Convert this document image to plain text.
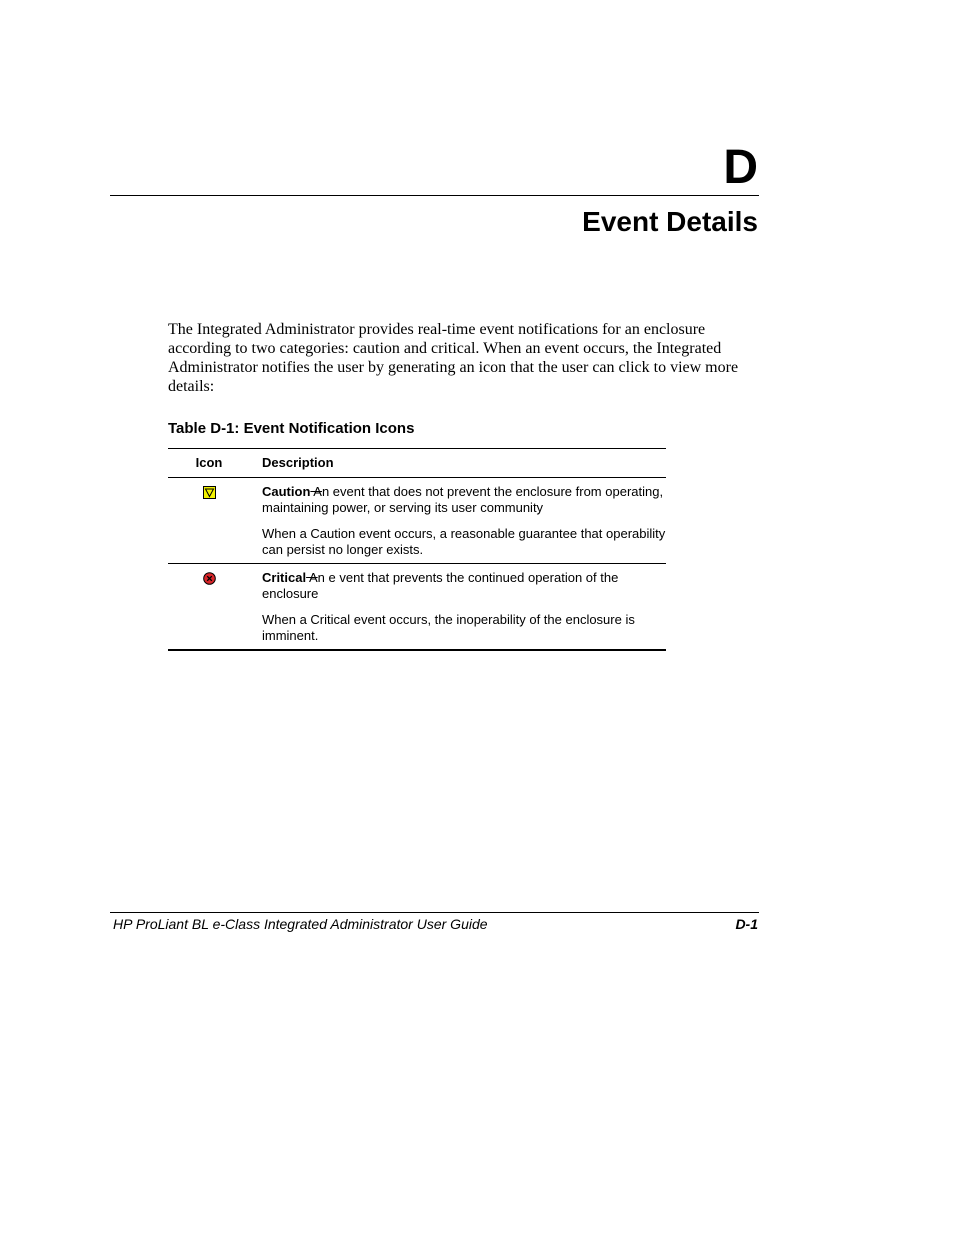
D
Event Details

The Integrated Administrator provides real-time event notifications for an enclosure according to two categories: caution and critical. When an event occurs, the Integrated Administrator notifies the user by generating an icon that the user can click to view more details:

Table D-1: Event Notification Icons
Icon	Description

Caution An event that does not prevent the enclosure from operating, maintaining power, or serving its user community

When a Caution event occurs, a reasonable guarantee that operability can persist no longer exists.

Critical An e vent that prevents the continued operation of the enclosure

When a Critical event occurs, the inoperability of the enclosure is imminent.

HP ProLiant BL e-Class Integrated Administrator User Guide	D-1
